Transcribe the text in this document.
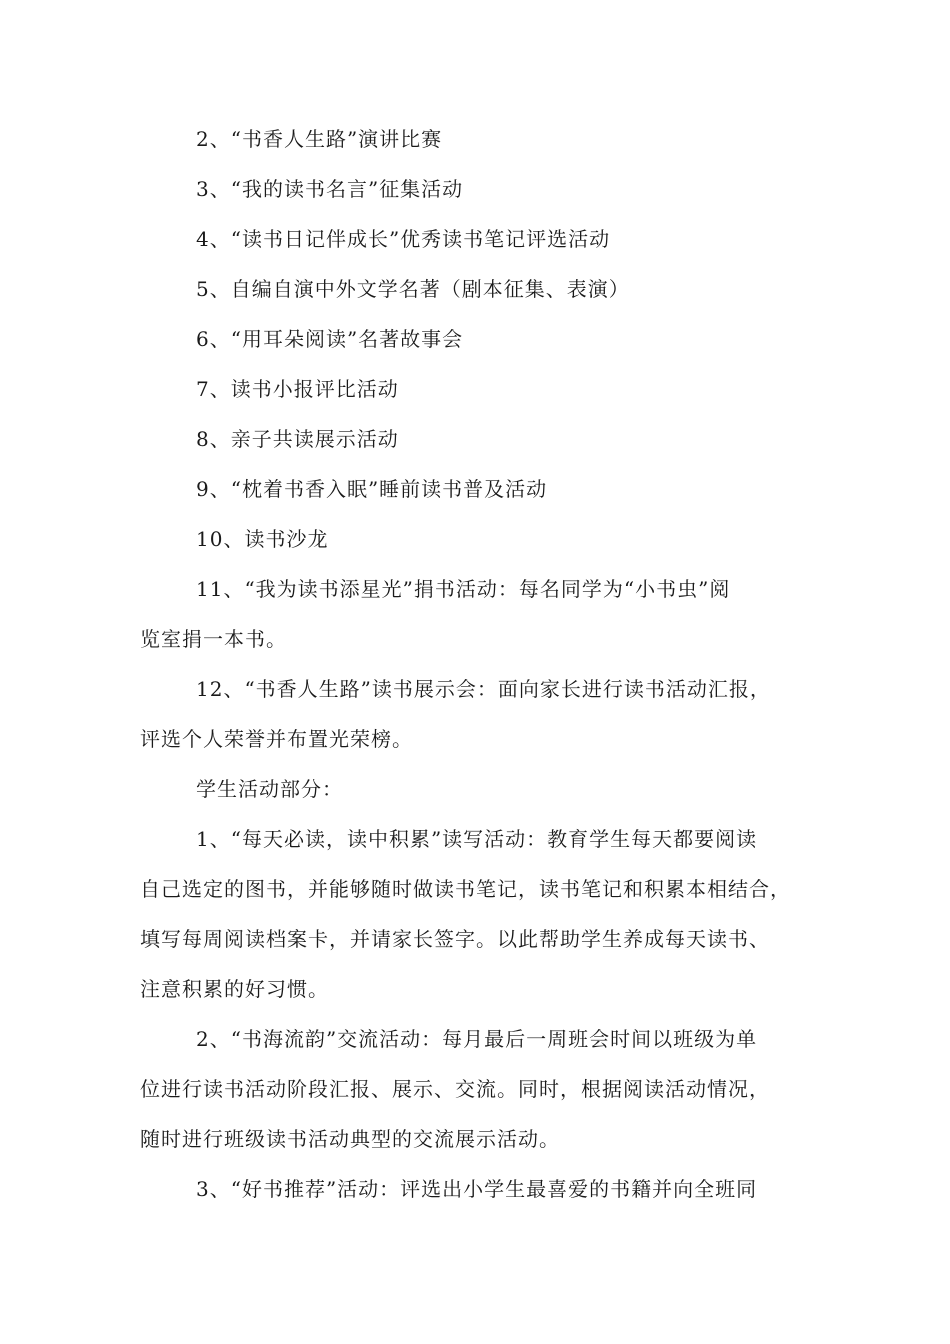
2、“书香人生路”演讲比赛

3、“我的读书名言”征集活动

4、“读书日记伴成长”优秀读书笔记评选活动

5、自编自演中外文学名著（剧本征集、表演）

6、“用耳朵阅读”名著故事会

7、读书小报评比活动

8、亲子共读展示活动

9、“枕着书香入眠”睡前读书普及活动

10、读书沙龙

11、“我为读书添星光”捐书活动：每名同学为“小书虫”阅
览室捐一本书。

12、“书香人生路”读书展示会：面向家长进行读书活动汇报，
评选个人荣誉并布置光荣榜。

学生活动部分：

1、“每天必读，读中积累”读写活动：教育学生每天都要阅读
自己选定的图书，并能够随时做读书笔记，读书笔记和积累本相结合，
填写每周阅读档案卡，并请家长签字。以此帮助学生养成每天读书、
注意积累的好习惯。

2、“书海流韵”交流活动：每月最后一周班会时间以班级为单
位进行读书活动阶段汇报、展示、交流。同时，根据阅读活动情况，
随时进行班级读书活动典型的交流展示活动。

3、“好书推荐”活动：评选出小学生最喜爱的书籍并向全班同
